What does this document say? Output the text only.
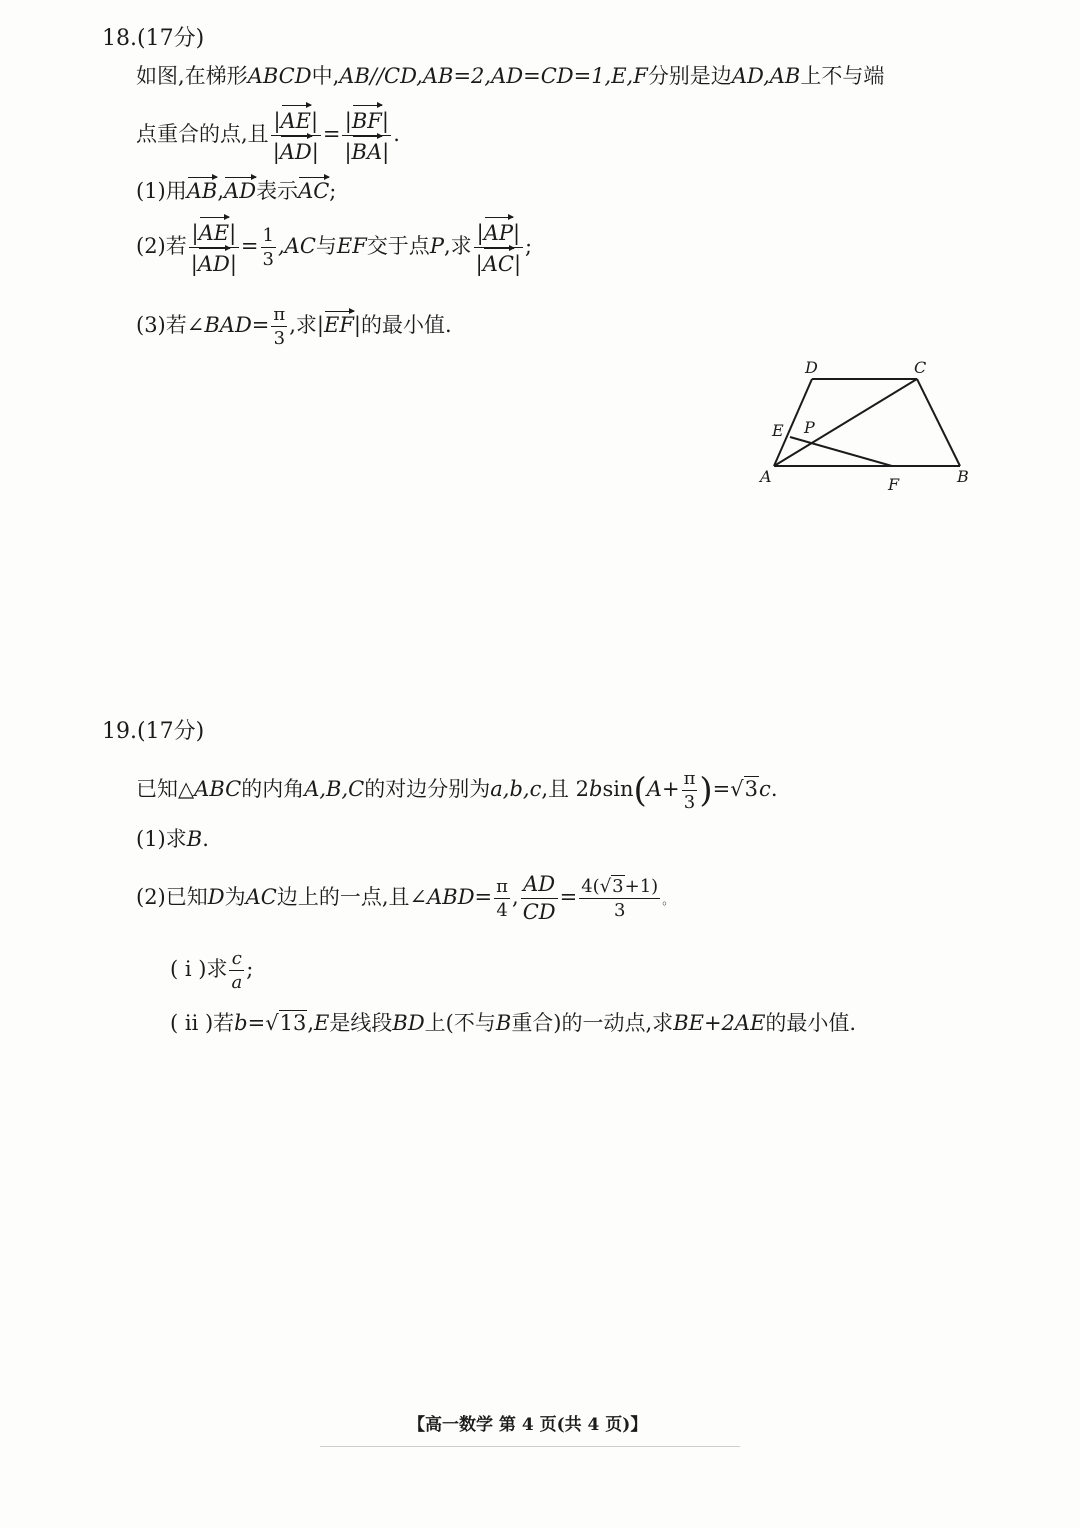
18.(17分)
如图,在梯形ABCD中,AB//CD,AB=2,AD=CD=1,E,F分别是边AD,AB上不与端
点重合的点,且 $\frac{|AE|}{|AD|} = \frac{|BF|}{|BA|}$ .
(1)用AB,AD表示AC;
(2)若 $\frac{|AE|}{|AD|} = \frac{1}{3} ,AC$与EF交于点P,求 $\frac{|AP|}{|AC|}$ ;
(3)若∠BAD= $\frac{\pi}{3}$ ,求|EF|的最小值.
D	C
E P
A	F	B
19.(17分)
已知△ABC的内角A,B,C的对边分别为a,b,c,且 $2bsin(A+ \frac{\pi}{3} )=√3c$.
(1)求B.
(2)已知D为AC边上的一点,且∠ABD= $\frac{\pi}{4}$ , $\frac{AD}{CD} = \frac{4(√3+1)}{3}$ 。
( ⅰ )求 $\frac{c}{a}$ ;
( ⅱ )若b=√13,E是线段BD上(不与B重合)的一动点,求BE+2AE的最小值.
【高一数学 第 4 页(共 4 页)】
